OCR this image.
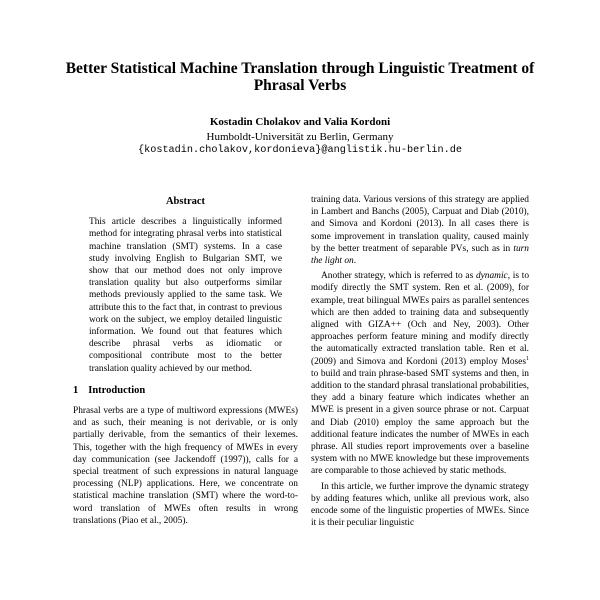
Better Statistical Machine Translation through Linguistic Treatment of Phrasal Verbs
Kostadin Cholakov and Valia Kordoni
Humboldt-Universität zu Berlin, Germany
{kostadin.cholakov,kordonieva}@anglistik.hu-berlin.de
Abstract

This article describes a linguistically informed method for integrating phrasal verbs into statistical machine translation (SMT) systems. In a case study involving English to Bulgarian SMT, we show that our method does not only improve translation quality but also outperforms similar methods previously applied to the same task. We attribute this to the fact that, in contrast to previous work on the subject, we employ detailed linguistic information. We found out that features which describe phrasal verbs as idiomatic or compositional contribute most to the better translation quality achieved by our method.

1 Introduction

Phrasal verbs are a type of multiword expressions (MWEs) and as such, their meaning is not derivable, or is only partially derivable, from the semantics of their lexemes. This, together with the high frequency of MWEs in every day communication (see Jackendoff (1997)), calls for a special treatment of such expressions in natural language processing (NLP) applications. Here, we concentrate on statistical machine translation (SMT) where the word-to-word translation of MWEs often results in wrong translations (Piao et al., 2005).

training data. Various versions of this strategy are applied in Lambert and Banchs (2005), Carpuat and Diab (2010), and Simova and Kordoni (2013). In all cases there is some improvement in translation quality, caused mainly by the better treatment of separable PVs, such as in turn the light on.

Another strategy, which is referred to as dynamic, is to modify directly the SMT system. Ren et al. (2009), for example, treat bilingual MWEs pairs as parallel sentences which are then added to training data and subsequently aligned with GIZA++ (Och and Ney, 2003). Other approaches perform feature mining and modify directly the automatically extracted translation table. Ren et al. (2009) and Simova and Kordoni (2013) employ Moses$^1$ to build and train phrase-based SMT systems and then, in addition to the standard phrasal translational probabilities, they add a binary feature which indicates whether an MWE is present in a given source phrase or not. Carpuat and Diab (2010) employ the same approach but the additional feature indicates the number of MWEs in each phrase. All studies report improvements over a baseline system with no MWE knowledge but these improvements are comparable to those achieved by static methods.

In this article, we further improve the dynamic strategy by adding features which, unlike all previous work, also encode some of the linguistic properties of MWEs. Since it is their peculiar linguistic
